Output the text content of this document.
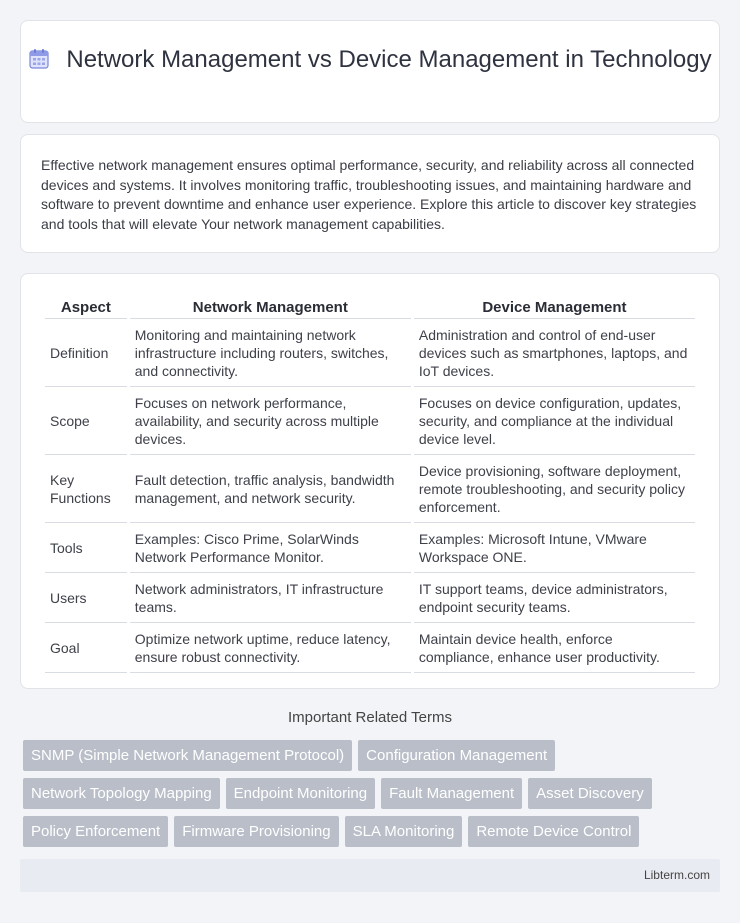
Network Management vs Device Management in Technology

Effective network management ensures optimal performance, security, and reliability across all connected devices and systems. It involves monitoring traffic, troubleshooting issues, and maintaining hardware and software to prevent downtime and enhance user experience. Explore this article to discover key strategies and tools that will elevate Your network management capabilities.

Aspect	Network Management	Device Management
Definition	Monitoring and maintaining network infrastructure including routers, switches, and connectivity.	Administration and control of end-user devices such as smartphones, laptops, and IoT devices.
Scope	Focuses on network performance, availability, and security across multiple devices.	Focuses on device configuration, updates, security, and compliance at the individual device level.
Key Functions	Fault detection, traffic analysis, bandwidth management, and network security.	Device provisioning, software deployment, remote troubleshooting, and security policy enforcement.
Tools	Examples: Cisco Prime, SolarWinds Network Performance Monitor.	Examples: Microsoft Intune, VMware Workspace ONE.
Users	Network administrators, IT infrastructure teams.	IT support teams, device administrators, endpoint security teams.
Goal	Optimize network uptime, reduce latency, ensure robust connectivity.	Maintain device health, enforce compliance, enhance user productivity.
Important Related Terms
SNMP (Simple Network Management Protocol)	Configuration Management
Network Topology Mapping	Endpoint Monitoring	Fault Management	Asset Discovery
Policy Enforcement	Firmware Provisioning	SLA Monitoring	Remote Device Control
Libterm.com
